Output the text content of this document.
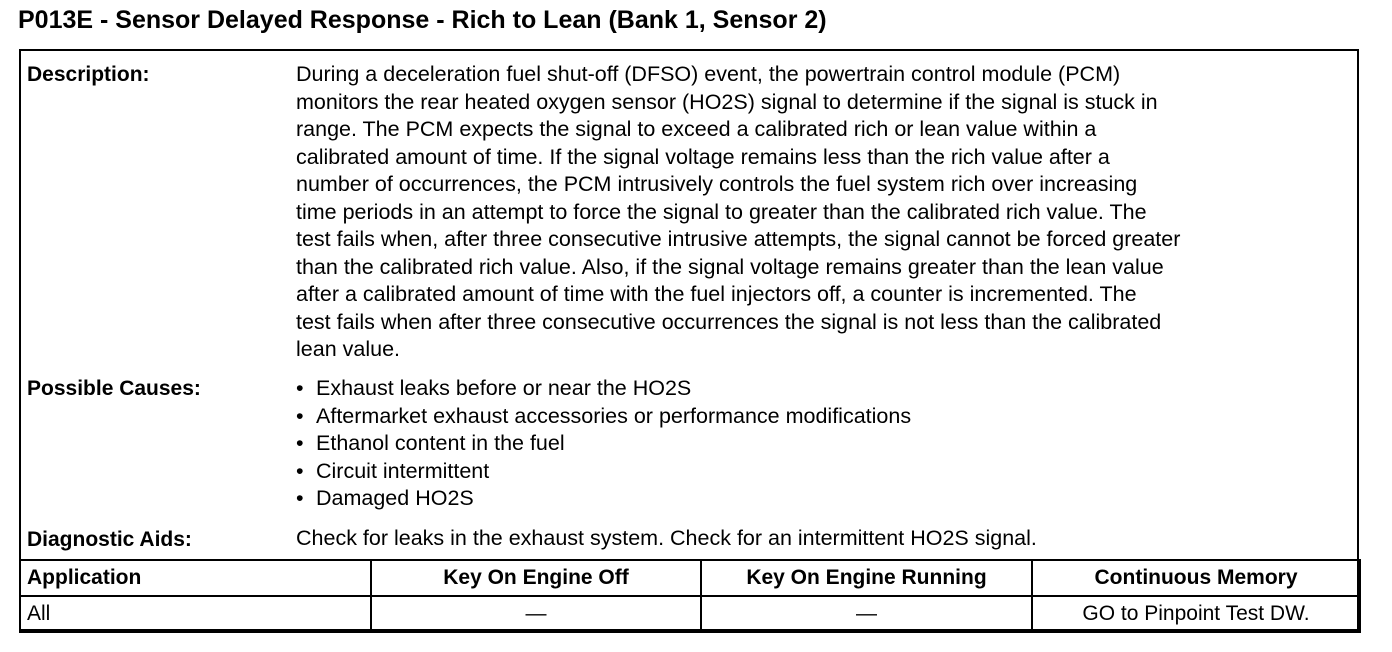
P013E - Sensor Delayed Response - Rich to Lean (Bank 1, Sensor 2)
Description:	During a deceleration fuel shut-off (DFSO) event, the powertrain control module (PCM)
monitors the rear heated oxygen sensor (HO2S) signal to determine if the signal is stuck in
range. The PCM expects the signal to exceed a calibrated rich or lean value within a
calibrated amount of time. If the signal voltage remains less than the rich value after a
number of occurrences, the PCM intrusively controls the fuel system rich over increasing
time periods in an attempt to force the signal to greater than the calibrated rich value. The
test fails when, after three consecutive intrusive attempts, the signal cannot be forced greater
than the calibrated rich value. Also, if the signal voltage remains greater than the lean value
after a calibrated amount of time with the fuel injectors off, a counter is incremented. The
test fails when after three consecutive occurrences the signal is not less than the calibrated
lean value.
Possible Causes:	• Exhaust leaks before or near the HO2S
• Aftermarket exhaust accessories or performance modifications
• Ethanol content in the fuel
• Circuit intermittent
• Damaged HO2S
Diagnostic Aids:	Check for leaks in the exhaust system. Check for an intermittent HO2S signal.
Application	Key On Engine Off	Key On Engine Running	Continuous Memory
All	—	—	GO to Pinpoint Test DW.
